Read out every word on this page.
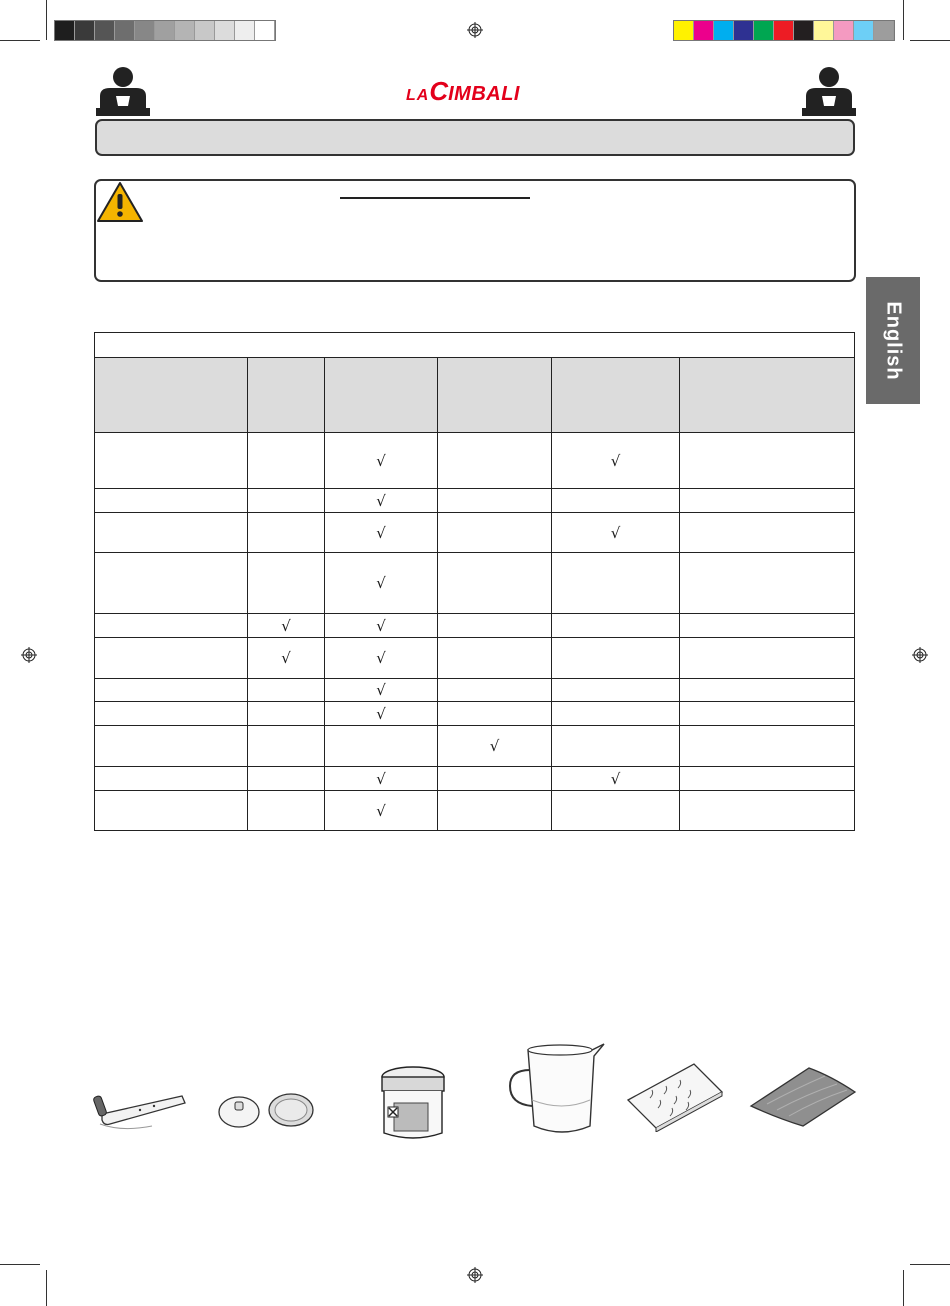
LACIMBALI
English

		√		√	
		√			
		√		√	
		√			
	√	√			
	√	√			
		√			
		√			
			√		
		√		√	
		√			
